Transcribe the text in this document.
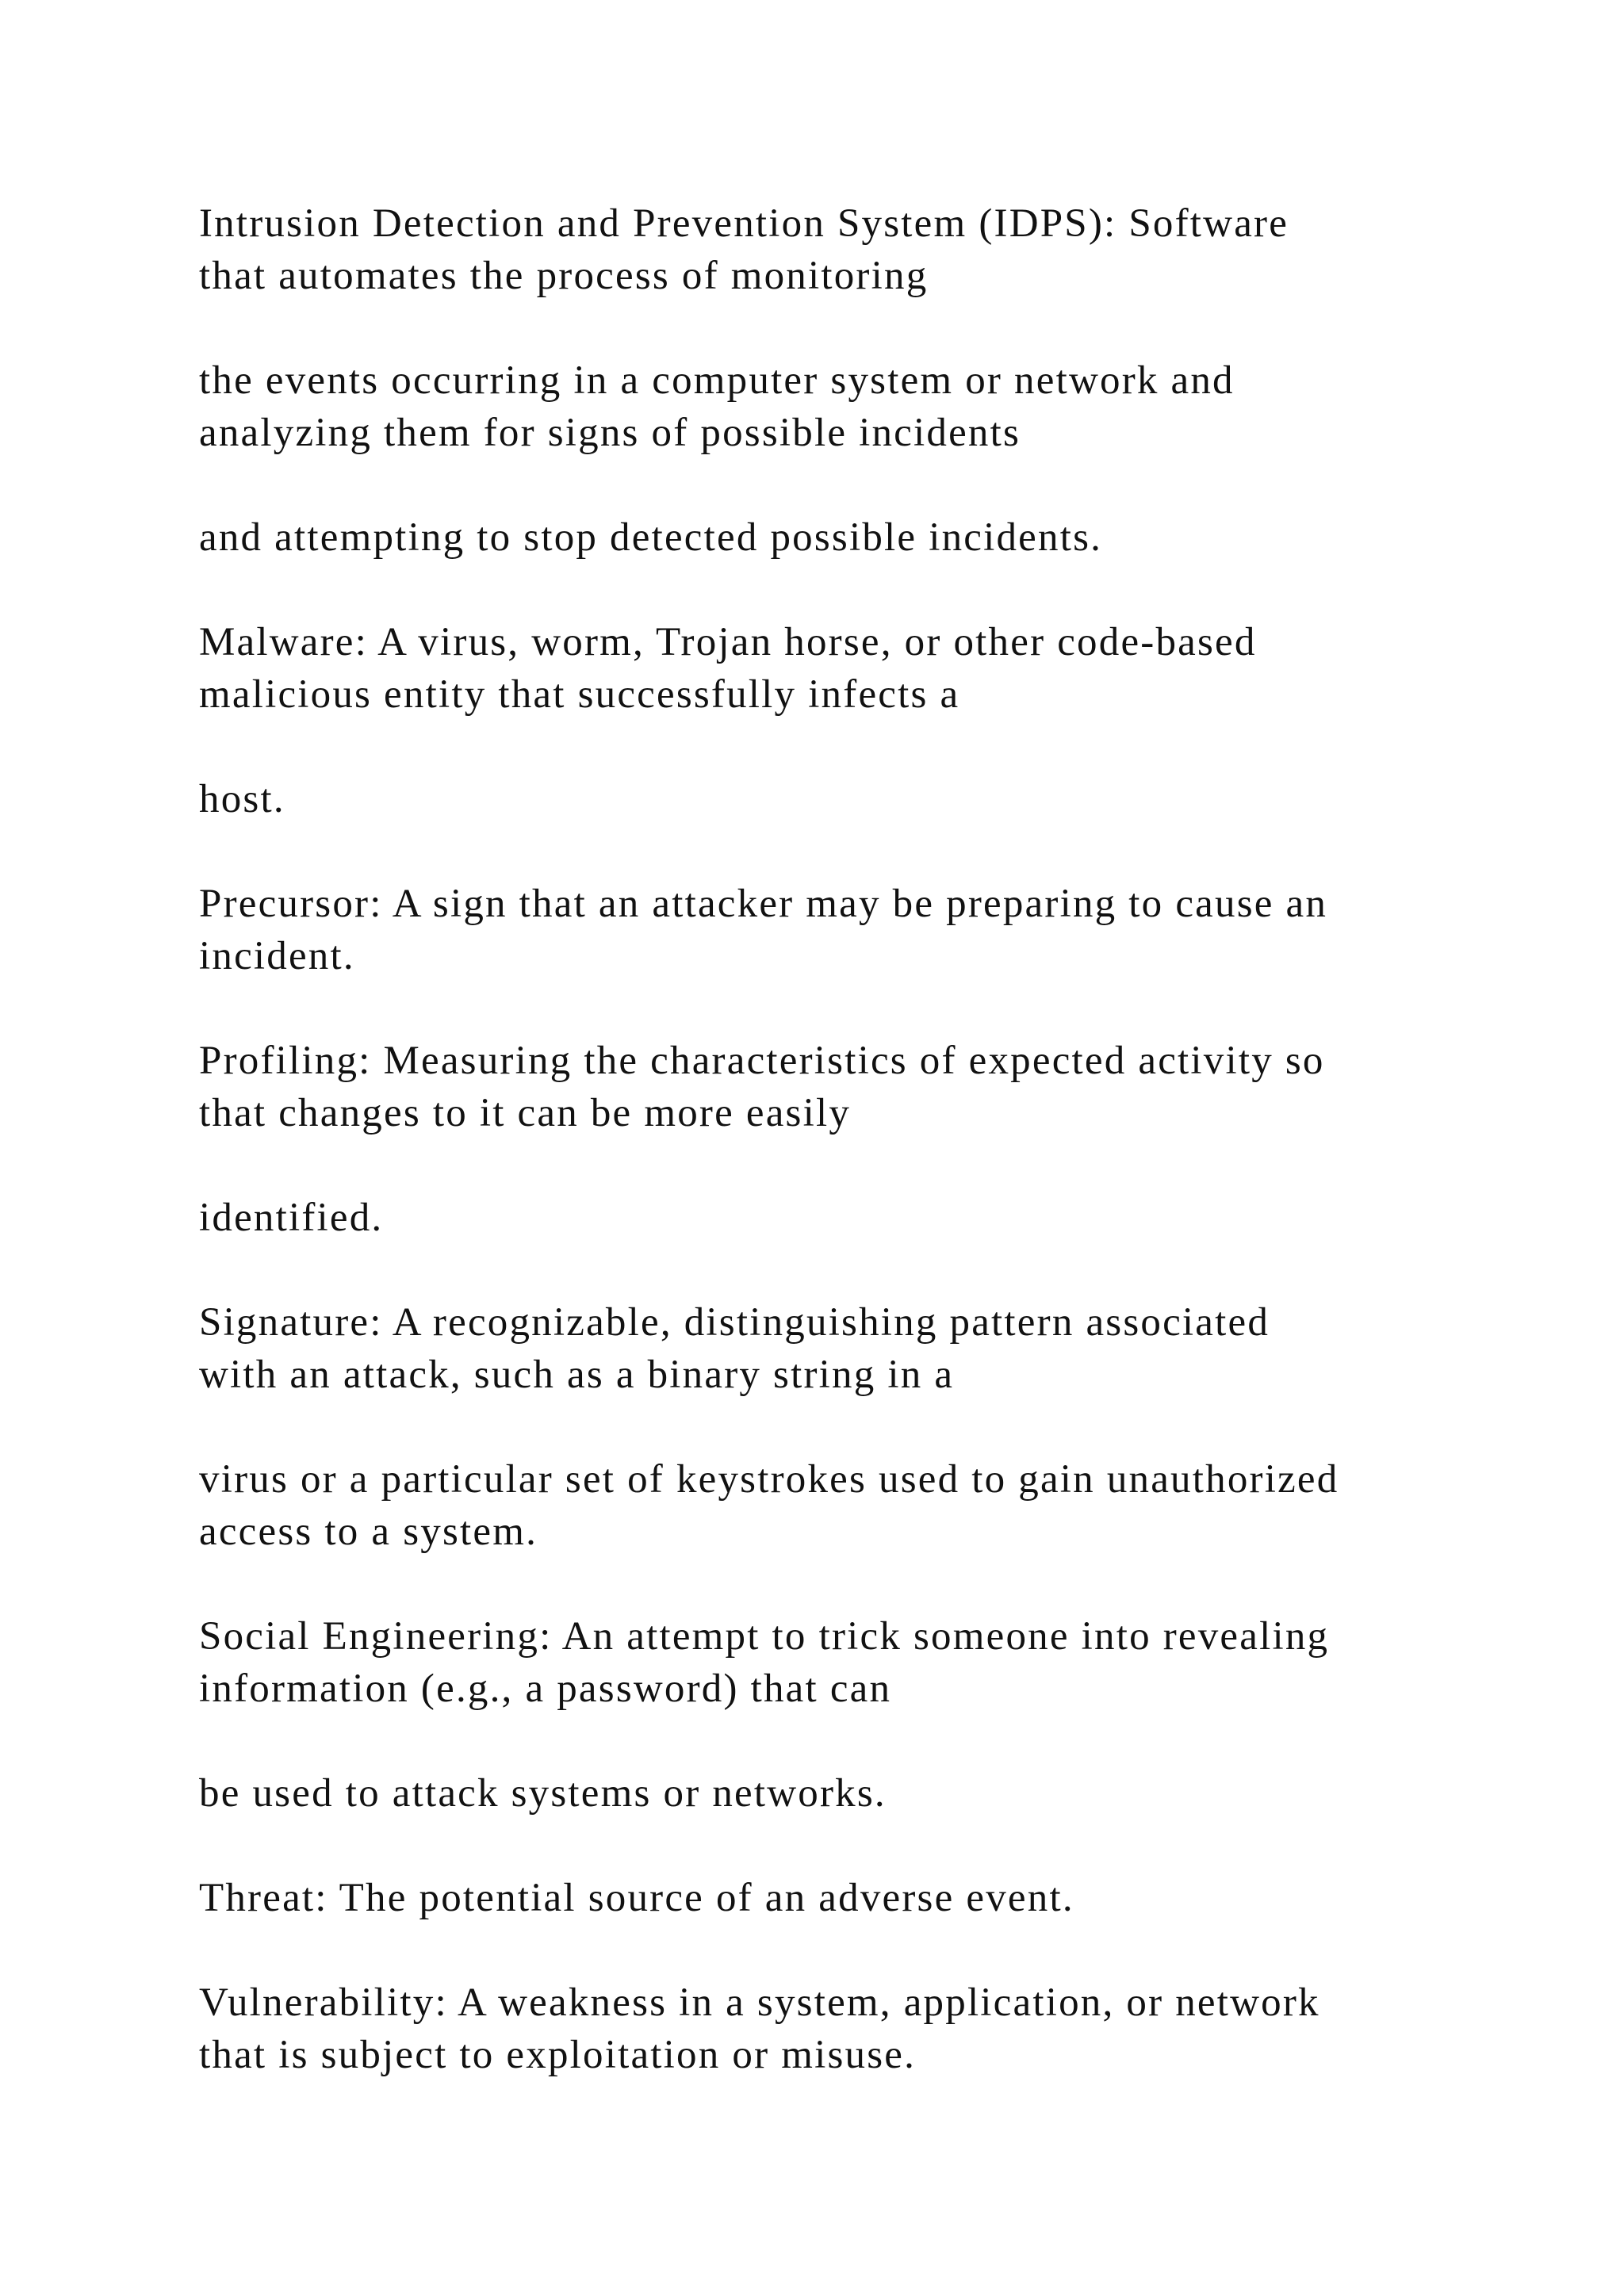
Intrusion Detection and Prevention System (IDPS): Software
that automates the process of monitoring

the events occurring in a computer system or network and
analyzing them for signs of possible incidents

and attempting to stop detected possible incidents.

Malware: A virus, worm, Trojan horse, or other code-based
malicious entity that successfully infects a

host.

Precursor: A sign that an attacker may be preparing to cause an
incident.

Profiling: Measuring the characteristics of expected activity so
that changes to it can be more easily

identified.

Signature: A recognizable, distinguishing pattern associated
with an attack, such as a binary string in a

virus or a particular set of keystrokes used to gain unauthorized
access to a system.

Social Engineering: An attempt to trick someone into revealing
information (e.g., a password) that can

be used to attack systems or networks.

Threat: The potential source of an adverse event.

Vulnerability: A weakness in a system, application, or network
that is subject to exploitation or misuse.
